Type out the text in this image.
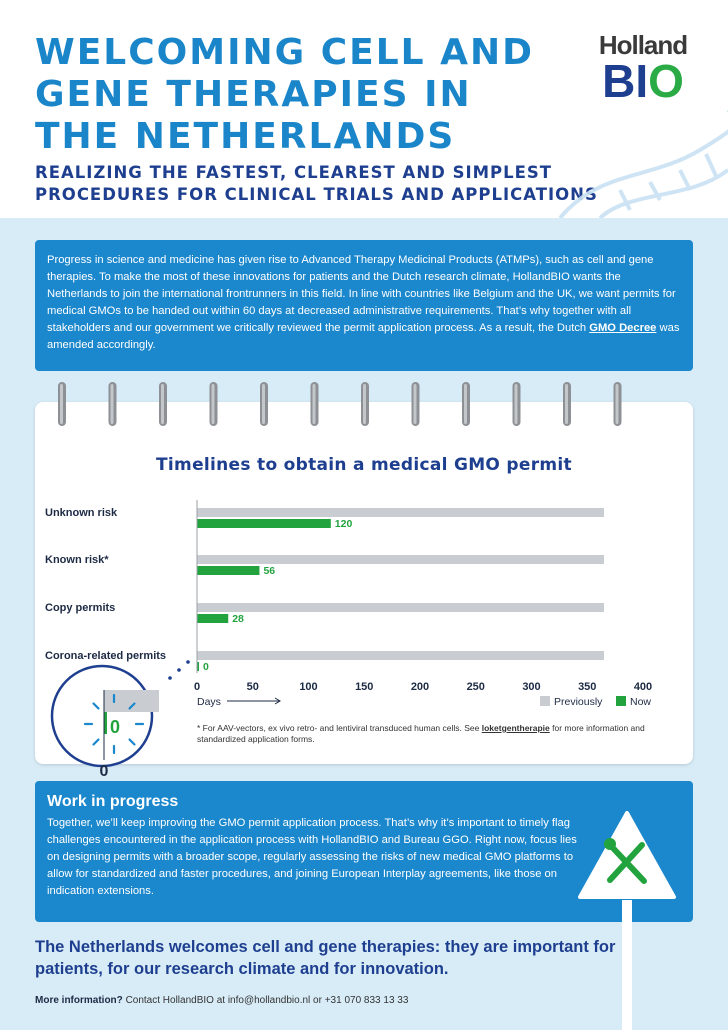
WELCOMING CELL AND GENE THERAPIES IN THE NETHERLANDS
REALIZING THE FASTEST, CLEAREST AND SIMPLEST PROCEDURES FOR CLINICAL TRIALS AND APPLICATIONS
Holland
BIO

Progress in science and medicine has given rise to Advanced Therapy Medicinal Products (ATMPs), such as cell and gene therapies. To make the most of these innovations for patients and the Dutch research climate, HollandBIO wants the Netherlands to join the international frontrunners in this field. In line with countries like Belgium and the UK, we want permits for medical GMOs to be handed out within 60 days at decreased administrative requirements. That’s why together with all stakeholders and our government we critically reviewed the permit application process. As a result, the Dutch GMO Decree was amended accordingly.

Timelines to obtain a medical GMO permit
Unknown risk
120
Known risk*
56
Copy permits
28
Corona-related permits
0
0	50	100	150	200	250	300	350	400
Days	Previously	Now
0
0

* For AAV-vectors, ex vivo retro- and lentiviral transduced human cells. See loketgentherapie for more information and standardized application forms.

Work in progress

Together, we’ll keep improving the GMO permit application process. That’s why it’s important to timely flag challenges encountered in the application process with HollandBIO and Bureau GGO. Right now, focus lies on designing permits with a broader scope, regularly assessing the risks of new medical GMO platforms to allow for standardized and faster procedures, and joining European Interplay agreements, like those on indication extensions.

The Netherlands welcomes cell and gene therapies: they are important for patients, for our research climate and for innovation.

More information? Contact HollandBIO at info@hollandbio.nl or +31 070 833 13 33
